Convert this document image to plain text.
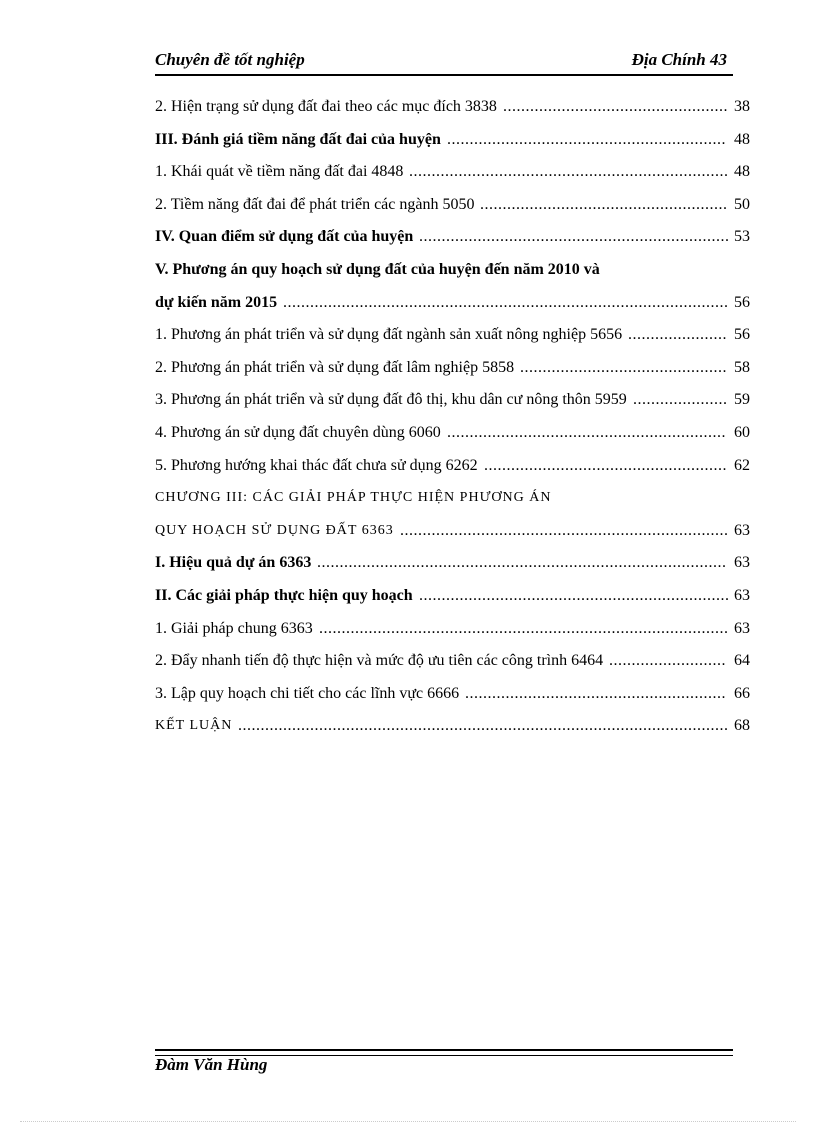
Chuyên đề tốt nghiệp	Địa Chính 43
2. Hiện trạng sử dụng đất đai theo các mục đích 3838	38
..................................................
III. Đánh giá tiềm năng đất đai của huyện	48
..............................................................
1. Khái quát về tiềm năng đất đai 4848	48
.......................................................................
2. Tiềm năng đất đai để phát triển các ngành 5050	50
.......................................................
IV. Quan điểm sử dụng đất của huyện	53
.....................................................................
V. Phương án quy hoạch sử dụng đất của huyện đến năm 2010 và
dự kiến năm 2015	56
...................................................................................................
1. Phương án phát triển và sử dụng đất ngành sản xuất nông nghiệp 5656	56
......................
2. Phương án phát triển và sử dụng đất lâm nghiệp 5858	58
..............................................
3. Phương án phát triển và sử dụng đất đô thị, khu dân cư nông thôn 5959	59
.....................
4. Phương án sử dụng đất chuyên dùng 6060	60
..............................................................
5. Phương hướng khai thác đất chưa sử dụng 6262	62
......................................................
CHƯƠNG III: CÁC GIẢI PHÁP THỰC HIỆN PHƯƠNG ÁN
QUY HOẠCH SỬ DỤNG ĐẤT 6363	63
.........................................................................
I. Hiệu quả dự án 6363	63
...........................................................................................
II. Các giải pháp thực hiện quy hoạch	63
.....................................................................
1. Giải pháp chung 6363	63
...........................................................................................
2. Đẩy nhanh tiến độ thực hiện và mức độ ưu tiên các công trình 6464	64
..........................
3. Lập quy hoạch chi tiết cho các lĩnh vực 6666	66
..........................................................
KẾT LUẬN	68
.............................................................................................................
Đàm Văn Hùng
